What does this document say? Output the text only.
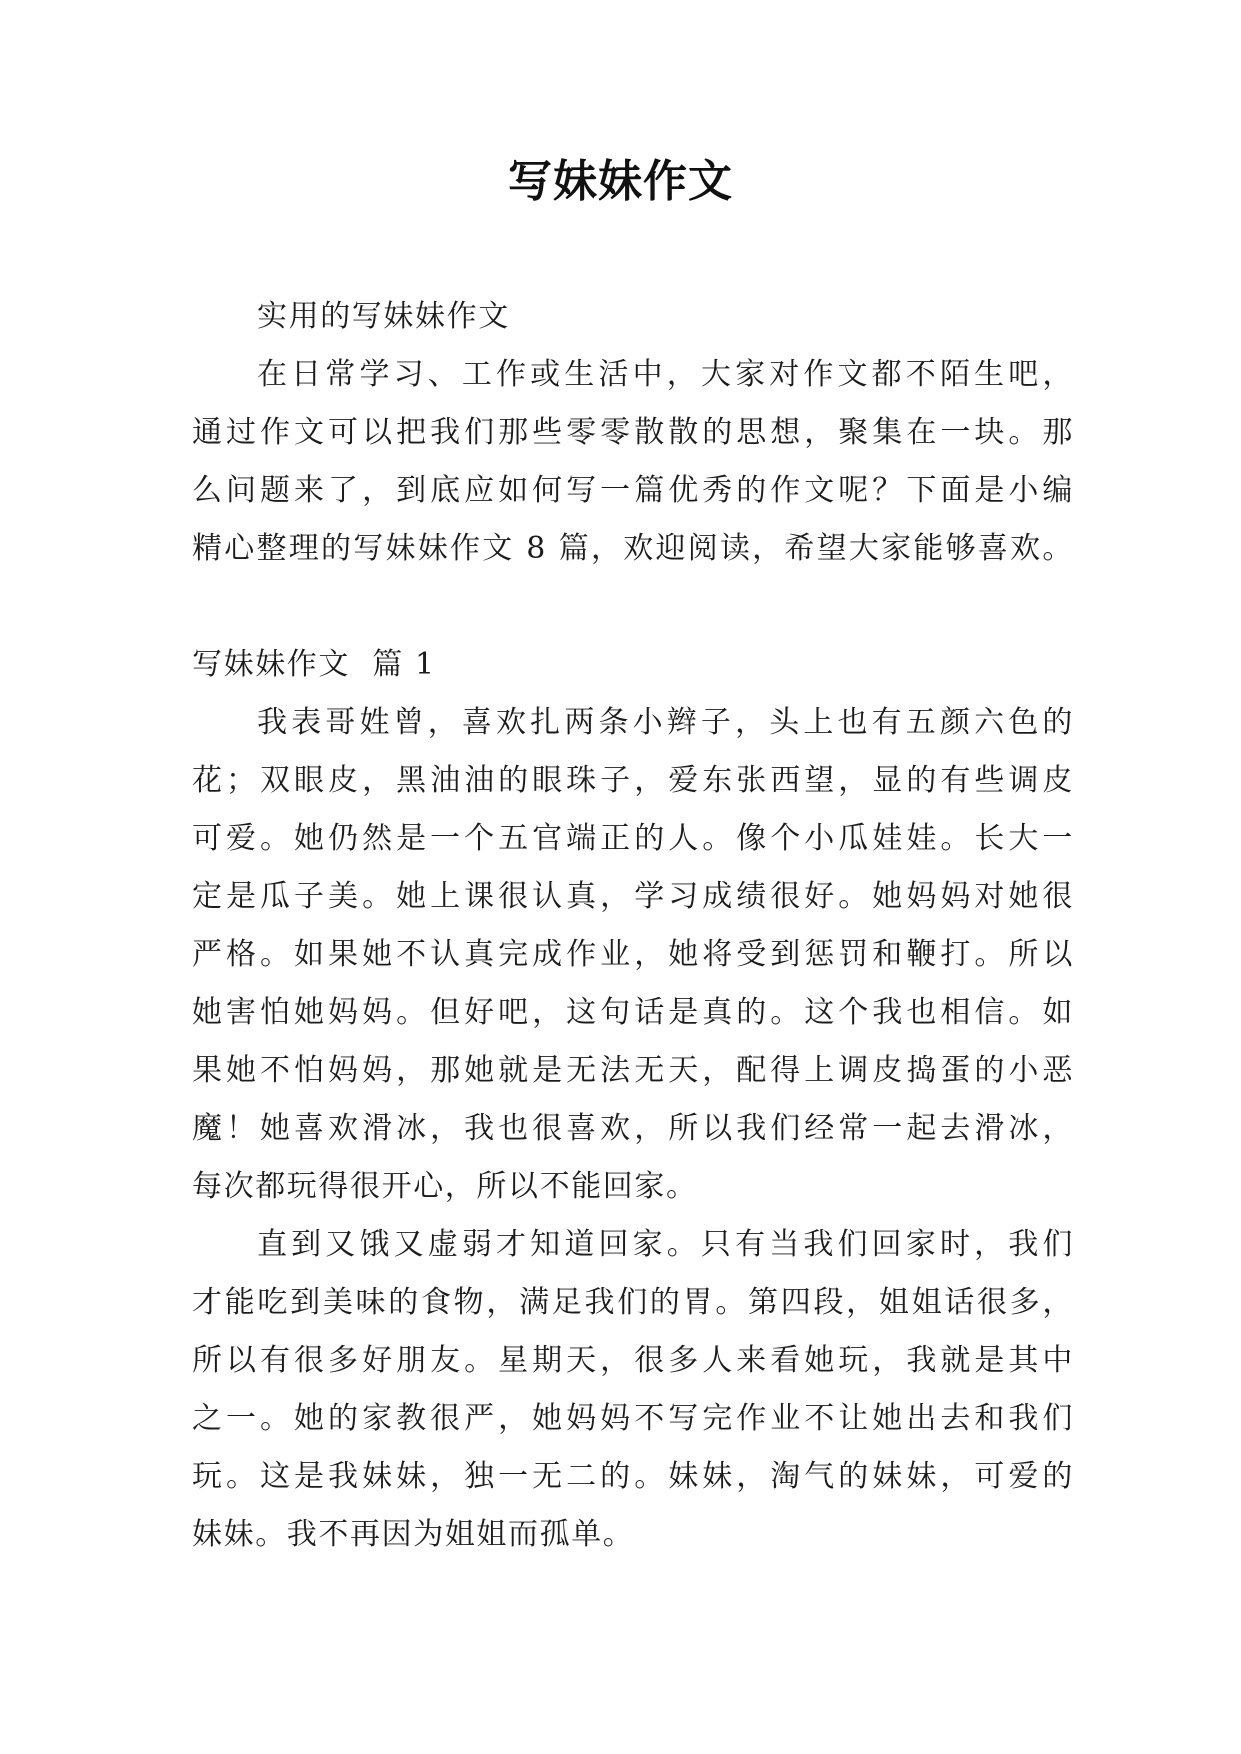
写妹妹作文
实用的写妹妹作文
在日常学习、工作或生活中，大家对作文都不陌生吧，
通过作文可以把我们那些零零散散的思想，聚集在一块。那
么问题来了，到底应如何写一篇优秀的作文呢？下面是小编
精心整理的写妹妹作文 8 篇，欢迎阅读，希望大家能够喜欢。
写妹妹作文  篇 1
我表哥姓曾，喜欢扎两条小辫子，头上也有五颜六色的
花；双眼皮，黑油油的眼珠子，爱东张西望，显的有些调皮
可爱。她仍然是一个五官端正的人。像个小瓜娃娃。长大一
定是瓜子美。她上课很认真，学习成绩很好。她妈妈对她很
严格。如果她不认真完成作业，她将受到惩罚和鞭打。所以
她害怕她妈妈。但好吧，这句话是真的。这个我也相信。如
果她不怕妈妈，那她就是无法无天，配得上调皮捣蛋的小恶
魔！她喜欢滑冰，我也很喜欢，所以我们经常一起去滑冰，
每次都玩得很开心，所以不能回家。
直到又饿又虚弱才知道回家。只有当我们回家时，我们
才能吃到美味的食物，满足我们的胃。第四段，姐姐话很多，
所以有很多好朋友。星期天，很多人来看她玩，我就是其中
之一。她的家教很严，她妈妈不写完作业不让她出去和我们
玩。这是我妹妹，独一无二的。妹妹，淘气的妹妹，可爱的
妹妹。我不再因为姐姐而孤单。
